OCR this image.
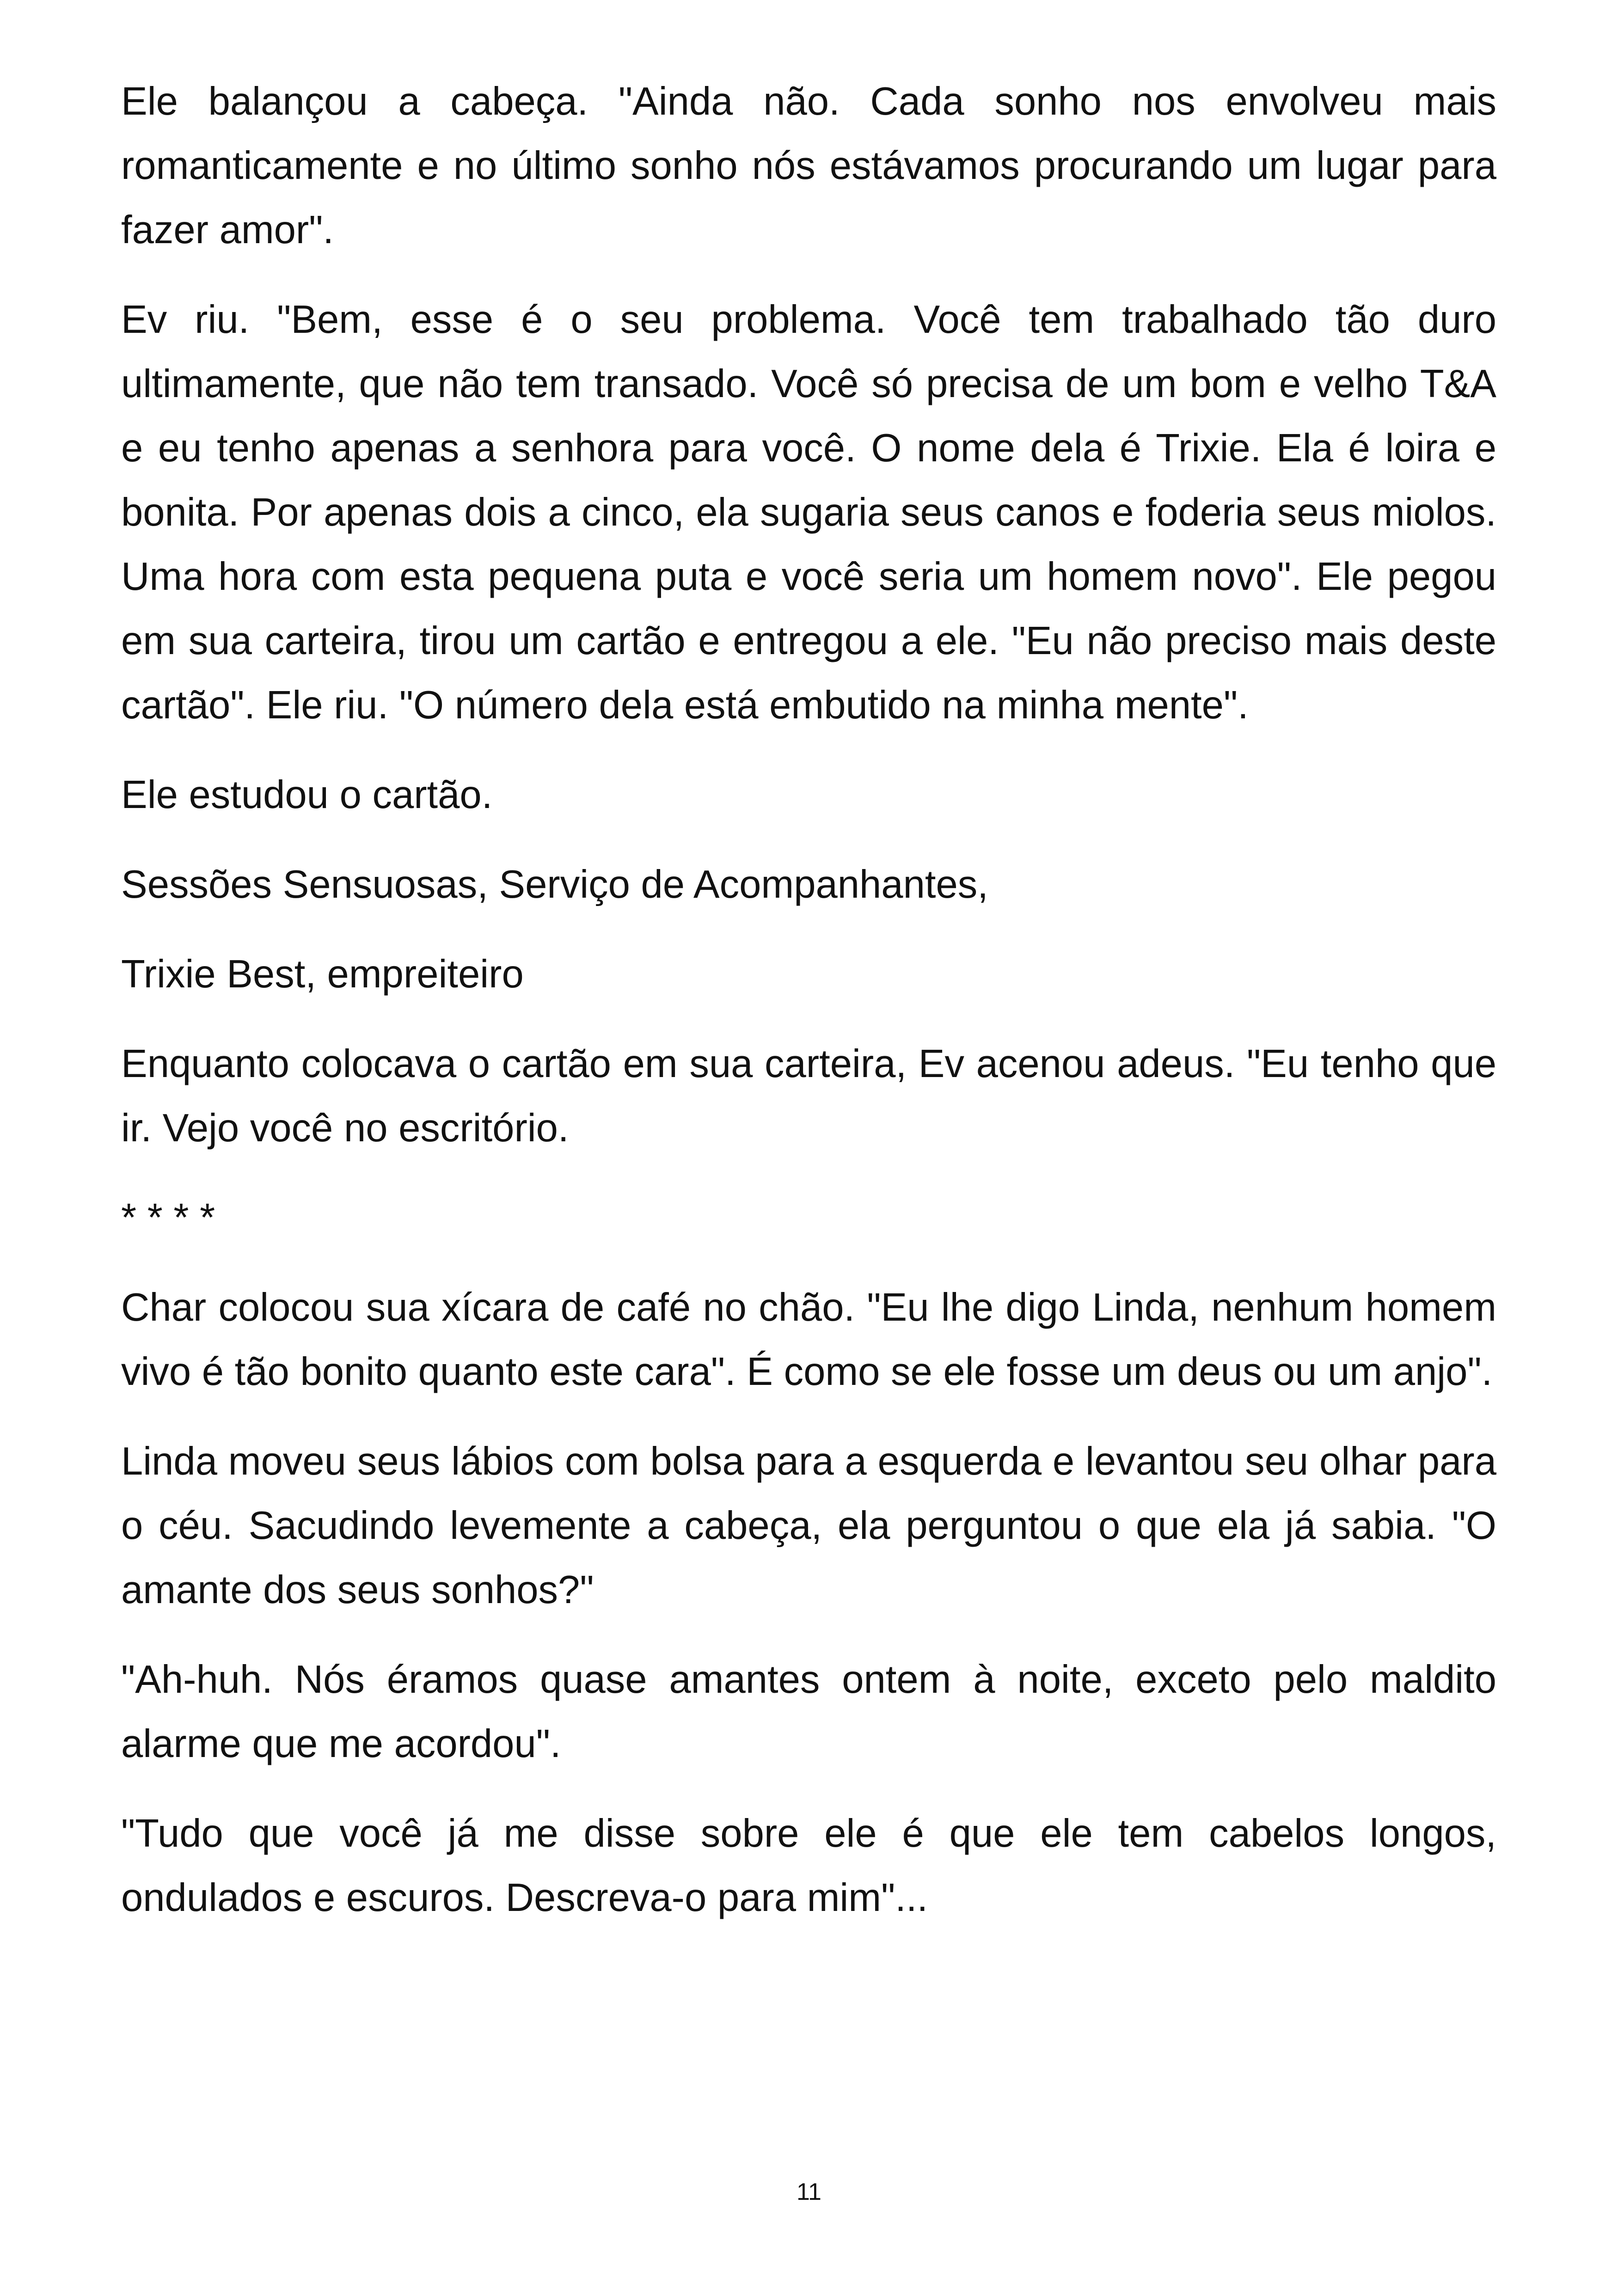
Ele balançou a cabeça. "Ainda não. Cada sonho nos envolveu mais romanticamente e no último sonho nós estávamos procurando um lugar para fazer amor".

Ev riu. "Bem, esse é o seu problema. Você tem trabalhado tão duro ultimamente, que não tem transado. Você só precisa de um bom e velho T&A e eu tenho apenas a senhora para você. O nome dela é Trixie. Ela é loira e bonita. Por apenas dois a cinco, ela sugaria seus canos e foderia seus miolos. Uma hora com esta pequena puta e você seria um homem novo". Ele pegou em sua carteira, tirou um cartão e entregou a ele. "Eu não preciso mais deste cartão". Ele riu. "O número dela está embutido na minha mente".

Ele estudou o cartão.

Sessões Sensuosas, Serviço de Acompanhantes,

Trixie Best, empreiteiro

Enquanto colocava o cartão em sua carteira, Ev acenou adeus. "Eu tenho que ir. Vejo você no escritório.

* * * *

Char colocou sua xícara de café no chão. "Eu lhe digo Linda, nenhum homem vivo é tão bonito quanto este cara". É como se ele fosse um deus ou um anjo".

Linda moveu seus lábios com bolsa para a esquerda e levantou seu olhar para o céu. Sacudindo levemente a cabeça, ela perguntou o que ela já sabia. "O amante dos seus sonhos?"

"Ah-huh. Nós éramos quase amantes ontem à noite, exceto pelo maldito alarme que me acordou".

"Tudo que você já me disse sobre ele é que ele tem cabelos longos, ondulados e escuros. Descreva-o para mim"...

11
